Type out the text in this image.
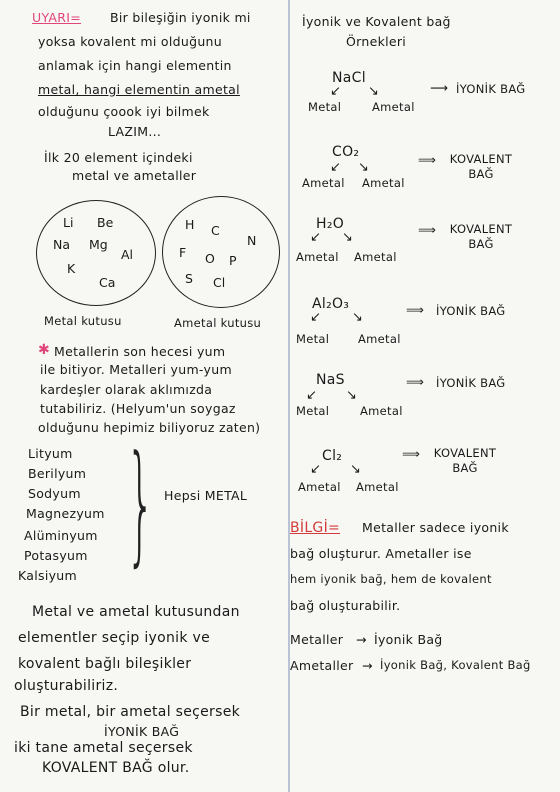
UYARI= Bir bileşiğin iyonik mi
yoksa kovalent mi olduğunu
anlamak için hangi elementin
metal, hangi elementin ametal
olduğunu çoook iyi bilmek
LAZIM...
İlk 20 element içindeki
metal ve ametaller
Li Be
Na Mg
Al
K
Ca
H C
N
F O P
S Cl
Metal kutusu	Ametal kutusu
✱ Metallerin son hecesi yum
ile bitiyor. Metalleri yum-yum
kardeşler olarak aklımızda
tutabiliriz. (Helyum'un soygaz
olduğunu hepimiz biliyoruz zaten)
Lityum
Berilyum
Sodyum
Magnezyum
Alüminyum
Potasyum
Kalsiyum } Hepsi METAL
Metal ve ametal kutusundan
elementler seçip iyonik ve
kovalent bağlı bileşikler
oluşturabiliriz.
Bir metal, bir ametal seçersek
İYONİK BAĞ
iki tane ametal seçersek
KOVALENT BAĞ olur.
İyonik ve Kovalent bağ
Örnekleri
NaCl
↙ ↘
Metal	Ametal
⟶ İYONİK BAĞ
CO₂
↙ ↘
Ametal Ametal
⟹	KOVALENT BAĞ
H₂O
↙ ↘
Ametal Ametal
⟹	KOVALENT BAĞ
Al₂O₃
↙ ↘
Metal	Ametal
⟹ İYONİK BAĞ
NaS
↙ ↘
Metal	Ametal
⟹ İYONİK BAĞ
Cl₂
↙ ↘
Ametal Ametal
⟹	KOVALENT BAĞ
BİLGİ= Metaller sadece iyonik
bağ oluşturur. Ametaller ise
hem iyonik bağ, hem de kovalent
bağ oluşturabilir.
Metaller → İyonik Bağ
Ametaller → İyonik Bağ, Kovalent Bağ
